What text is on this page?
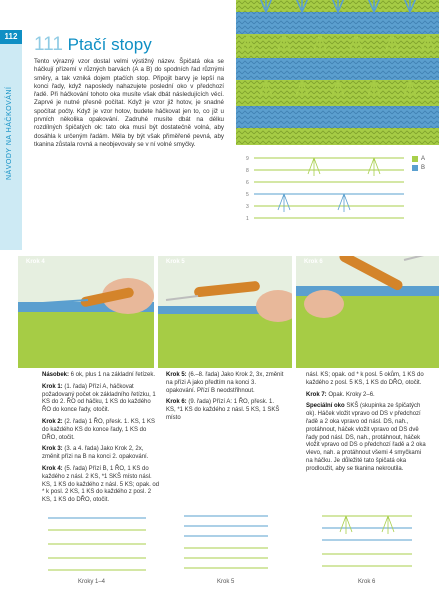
112
NÁVODY NA HÁČKOVÁNÍ
111 Ptačí stopy

Tento výrazný vzor dostal velmi výstižný název. Špičatá oka se háčkují přízemí v různých barvách (A a B) do spodních řad různými směry, a tak vzniká dojem ptačích stop. Připojit barvy je lepší na konci řady, když naposledy nahazujete poslední oko v předchozí řadě. Při háčkování tohoto oka musíte však dbát následujících věcí. Zaprvé je nutné přesně počítat. Když je vzor již hotov, je snadné spočítat počty. Když je vzor hotov, budete háčkovat jen to, co již u prvních několika opakování. Zadruhé musíte dbát na délku rozdílných špičatých ok: tato oka musí být dostatečně volná, aby dosáhla k určeným řadám. Měla by být však přiměřeně pevná, aby tkanina zůstala rovná a neobjevovaly se v ní volné smyčky.

9
8
6
5
3
1
A
B
Krok 4	Krok 5	Krok 6

Násobek: 6 ok, plus 1 na základní řetízek.

Krok 1: (1. řada) Přízí A, háčkovat požadovaný počet ok základního řetízku, 1 KS do 2. ŘO od háčku, 1 KS do každého ŘO do konce řady, otočit.

Krok 2: (2. řada) 1 ŘO, přesk. 1. KS, 1 KS do každého KS do konce řady, 1 KS do DŘO, otočit.

Krok 3: (3. a 4. řada) Jako Krok 2, 2x, změnit přízi na B na konci 2. opakování.

Krok 4: (5. řada) Přízí B, 1 ŘO, 1 KS do každého z násl. 2 KS, *1 SKŠ místo násl. KS, 1 KS do každého z násl. 5 KS; opak. od * k posl. 2 KS, 1 KS do každého z posl. 2 KS, 1 KS do DŘO, otočit.

Krok 5: (6.–8. řada) Jako Krok 2, 3x, změnit na přízi A jako předtím na konci 3. opakování. Přízí B neodstřihnout.

Krok 6: (9. řada) Přízí A: 1 ŘO, přesk. 1. KS, *1 KS do každého z násl. 5 KS, 1 SKŠ místo

násl. KS; opak. od * k posl. 5 okům, 1 KS do každého z posl. 5 KS, 1 KS do DŘO, otočit.

Krok 7: Opak. Kroky 2–6.

Speciální oko SKŠ (skupinka ze špičatých ok). Háček vložit vpravo od DS v předchozí řadě a 2 oka vpravo od násl. DS, nah., protáhnout, háček vložit vpravo od DS dvě řady pod násl. DS, nah., protáhnout, háček vložit vpravo od DS o předchozí řadě a 2 oka vlevo, nah. a protáhnout všemi 4 smyčkami na háčku. Je důležité tato špičatá oka prodloužit, aby se tkanina nekroutila.

Kroky 1–4	Krok 5	Krok 6
